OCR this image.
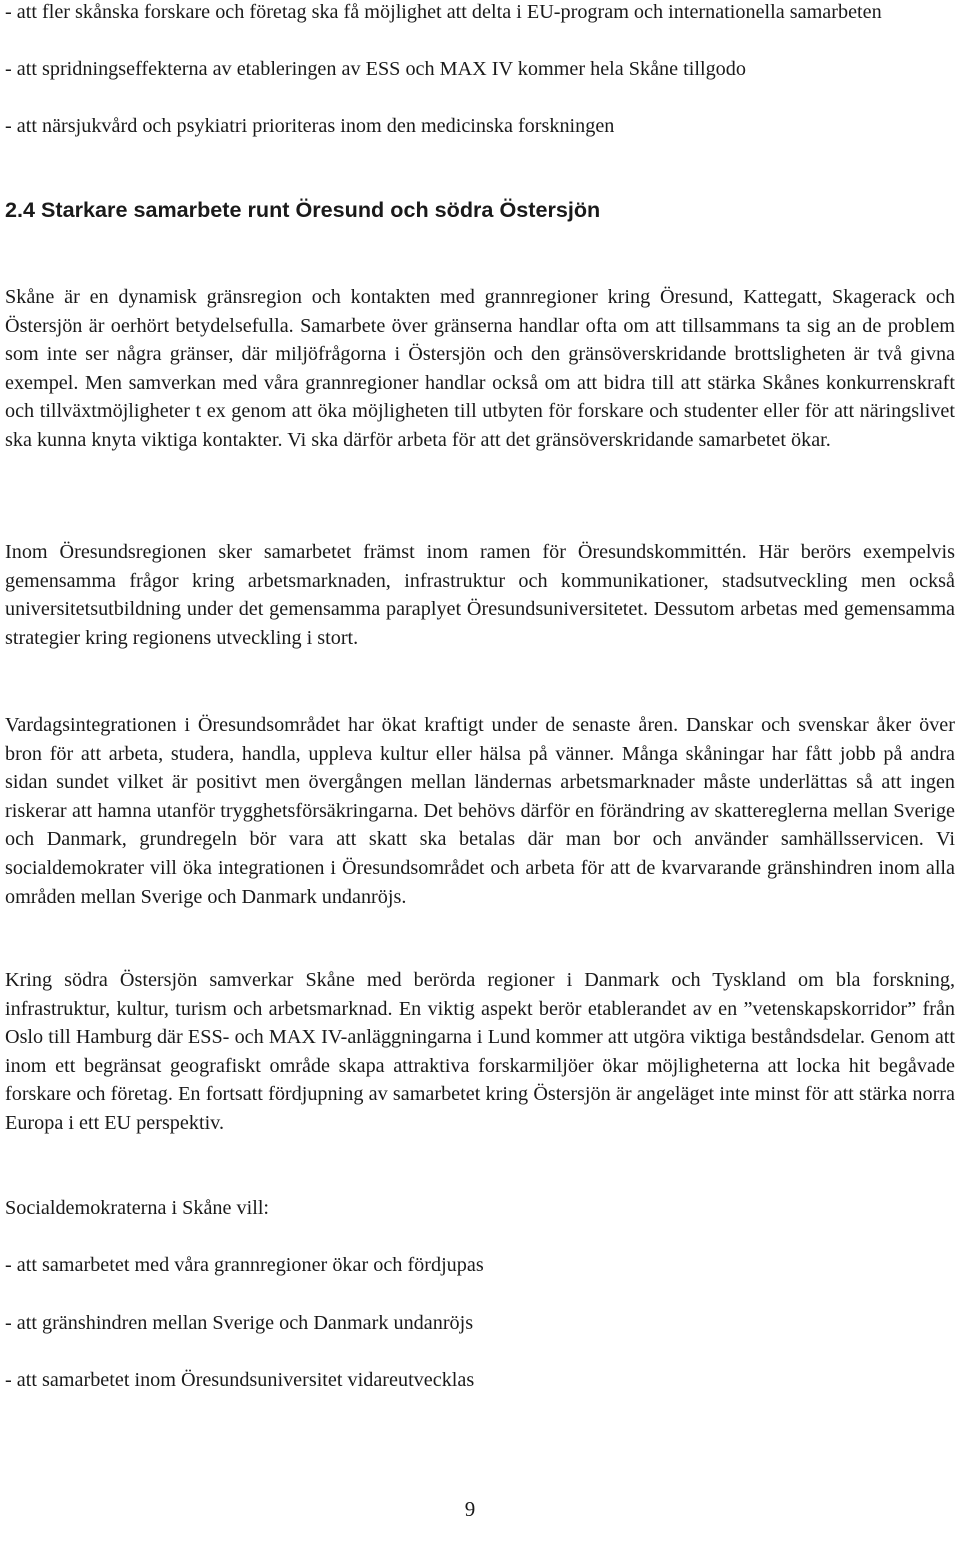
- att fler skånska forskare och företag ska få möjlighet att delta i EU-program och internationella samarbeten

- att spridningseffekterna av etableringen av ESS och MAX IV kommer hela Skåne tillgodo

- att närsjukvård och psykiatri prioriteras inom den medicinska forskningen

2.4 Starkare samarbete runt Öresund och södra Östersjön

Skåne är en dynamisk gränsregion och kontakten med grannregioner kring Öresund, Kattegatt, Skagerack och Östersjön är oerhört betydelsefulla. Samarbete över gränserna handlar ofta om att tillsammans ta sig an de problem som inte ser några gränser, där miljöfrågorna i Östersjön och den gränsöverskridande brottsligheten är två givna exempel. Men samverkan med våra grannregioner handlar också om att bidra till att stärka Skånes konkurrenskraft och tillväxtmöjligheter t ex genom att öka möjligheten till utbyten för forskare och studenter eller för att näringslivet ska kunna knyta viktiga kontakter. Vi ska därför arbeta för att det gränsöverskridande samarbetet ökar.

Inom Öresundsregionen sker samarbetet främst inom ramen för Öresundskommittén. Här berörs exempelvis gemensamma frågor kring arbetsmarknaden, infrastruktur och kommunikationer, stadsutveckling men också universitetsutbildning under det gemensamma paraplyet Öresundsuniversitetet. Dessutom arbetas med gemensamma strategier kring regionens utveckling i stort.

Vardagsintegrationen i Öresundsområdet har ökat kraftigt under de senaste åren. Danskar och svenskar åker över bron för att arbeta, studera, handla, uppleva kultur eller hälsa på vänner. Många skåningar har fått jobb på andra sidan sundet vilket är positivt men övergången mellan ländernas arbetsmarknader måste underlättas så att ingen riskerar att hamna utanför trygghetsförsäkringarna. Det behövs därför en förändring av skattereglerna mellan Sverige och Danmark, grundregeln bör vara att skatt ska betalas där man bor och använder samhällsservicen. Vi socialdemokrater vill öka integrationen i Öresundsområdet och arbeta för att de kvarvarande gränshindren inom alla områden mellan Sverige och Danmark undanröjs.

Kring södra Östersjön samverkar Skåne med berörda regioner i Danmark och Tyskland om bla forskning, infrastruktur, kultur, turism och arbetsmarknad. En viktig aspekt berör etablerandet av en ”vetenskapskorridor” från Oslo till Hamburg där ESS- och MAX IV-anläggningarna i Lund kommer att utgöra viktiga beståndsdelar. Genom att inom ett begränsat geografiskt område skapa attraktiva forskarmiljöer ökar möjligheterna att locka hit begåvade forskare och företag. En fortsatt fördjupning av samarbetet kring Östersjön är angeläget inte minst för att stärka norra Europa i ett EU perspektiv.

Socialdemokraterna i Skåne vill:

- att samarbetet med våra grannregioner ökar och fördjupas

- att gränshindren mellan Sverige och Danmark undanröjs

- att samarbetet inom Öresundsuniversitet vidareutvecklas

9
